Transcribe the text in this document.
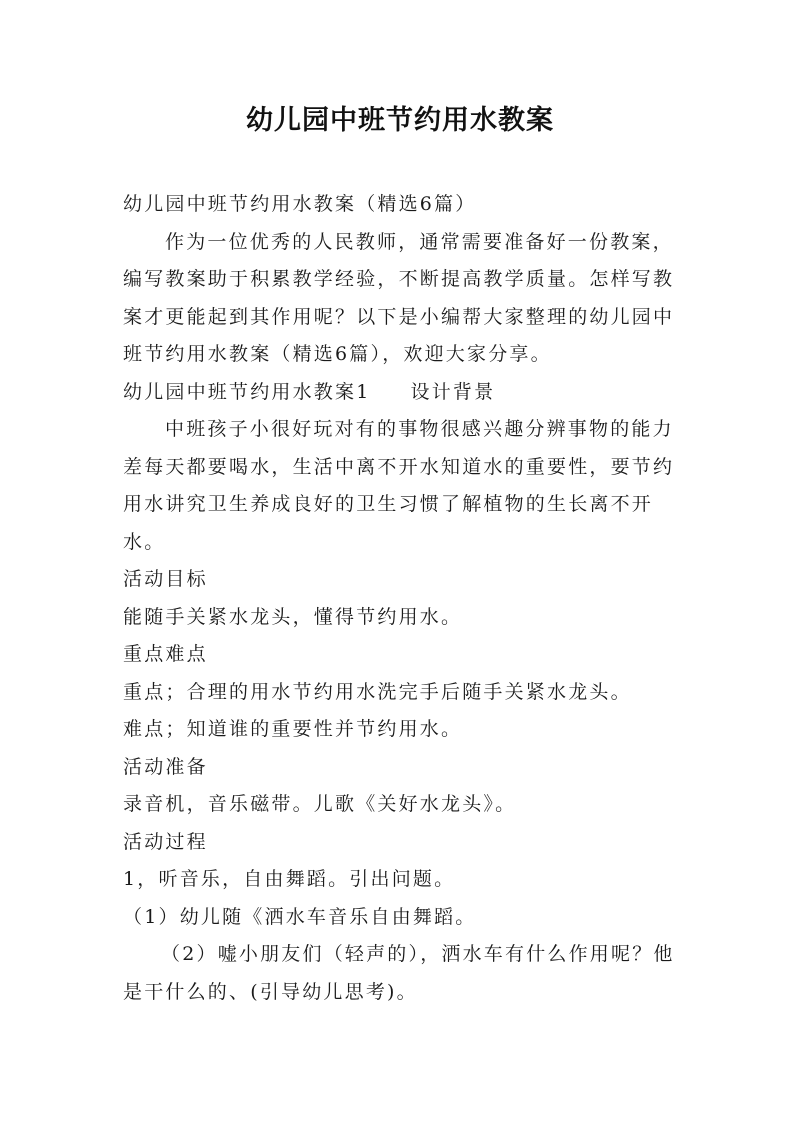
幼儿园中班节约用水教案

幼儿园中班节约用水教案（精选6篇）

作为一位优秀的人民教师，通常需要准备好一份教案，编写教案助于积累教学经验，不断提高教学质量。怎样写教案才更能起到其作用呢？以下是小编帮大家整理的幼儿园中班节约用水教案（精选6篇），欢迎大家分享。

幼儿园中班节约用水教案1 设计背景

中班孩子小很好玩对有的事物很感兴趣分辨事物的能力差每天都要喝水，生活中离不开水知道水的重要性，要节约用水讲究卫生养成良好的卫生习惯了解植物的生长离不开水。

活动目标

能随手关紧水龙头，懂得节约用水。

重点难点

重点；合理的用水节约用水洗完手后随手关紧水龙头。

难点；知道谁的重要性并节约用水。

活动准备

录音机，音乐磁带。儿歌《关好水龙头》。

活动过程

1，听音乐，自由舞蹈。引出问题。

（1）幼儿随《洒水车音乐自由舞蹈。

（2）嘘小朋友们（轻声的），洒水车有什么作用呢？他是干什么的、(引导幼儿思考)。
